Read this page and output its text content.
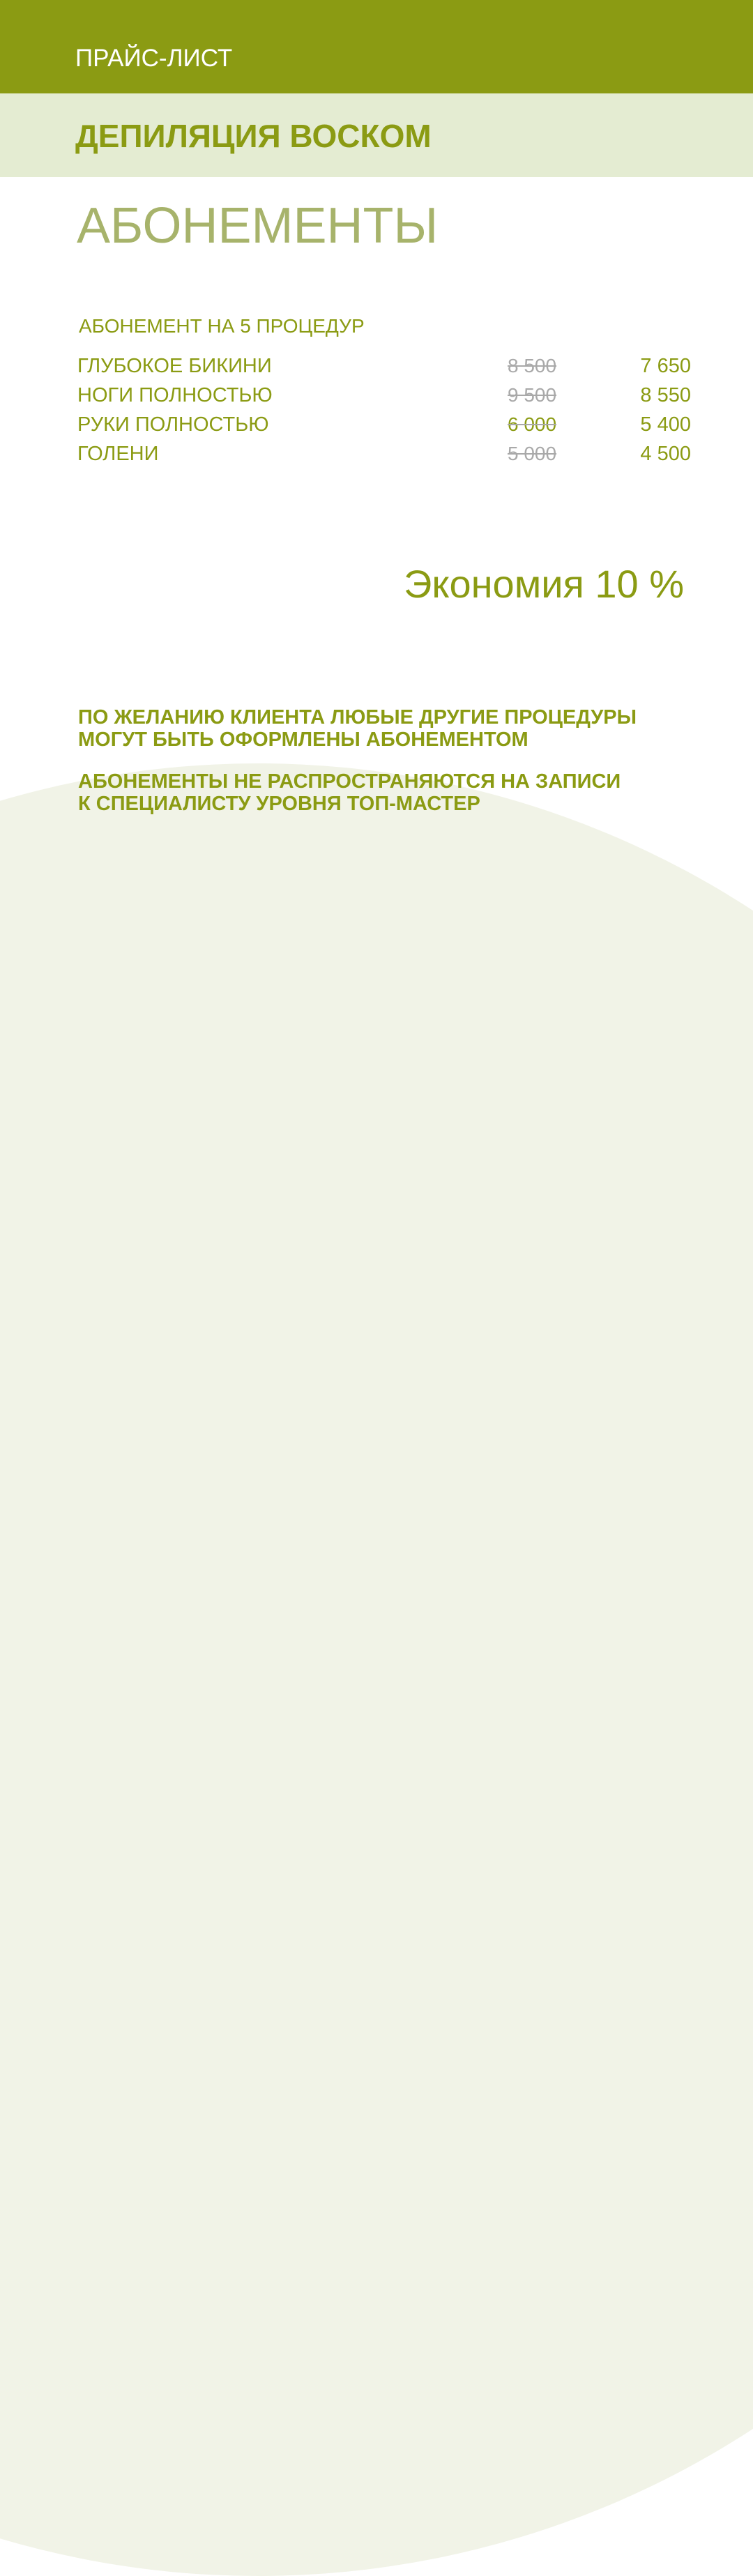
ПРАЙС-ЛИСТ
ДЕПИЛЯЦИЯ ВОСКОМ
АБОНЕМЕНТЫ
АБОНЕМЕНТ НА 5 ПРОЦЕДУР
ГЛУБОКОЕ БИКИНИ	8 500	7 650
НОГИ ПОЛНОСТЬЮ	9 500	8 550
РУКИ ПОЛНОСТЬЮ	6 000	5 400
ГОЛЕНИ	5 000	4 500
Экономия 10 %
ПО ЖЕЛАНИЮ КЛИЕНТА ЛЮБЫЕ ДРУГИЕ ПРОЦЕДУРЫ
МОГУТ БЫТЬ ОФОРМЛЕНЫ АБОНЕМЕНТОМ
АБОНЕМЕНТЫ НЕ РАСПРОСТРАНЯЮТСЯ НА ЗАПИСИ
К СПЕЦИАЛИСТУ УРОВНЯ ТОП-МАСТЕР
